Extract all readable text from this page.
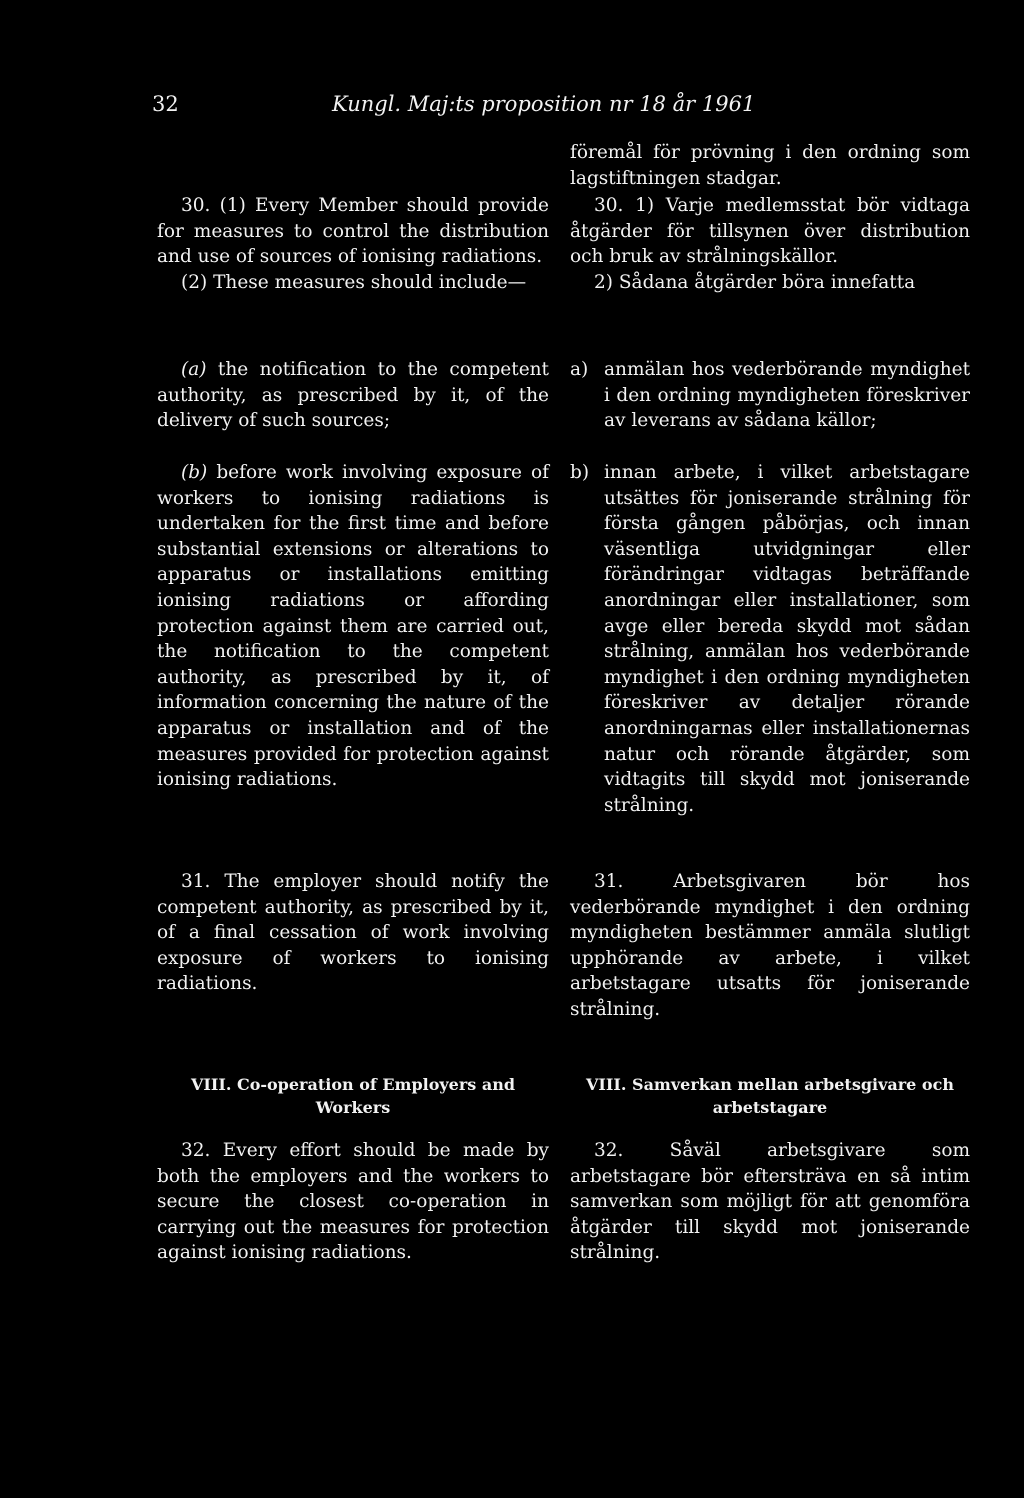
32	Kungl. Maj:ts proposition nr 18 år 1961

30. (1) Every Member should provide for measures to control the distribution and use of sources of ionising radiations.

(2) These measures should include—

(a) the notification to the competent authority, as prescribed by it, of the delivery of such sources;

(b) before work involving exposure of workers to ionising radiations is undertaken for the first time and before substantial extensions or alterations to apparatus or installations emitting ionising radiations or affording protection against them are carried out, the notification to the competent authority, as prescribed by it, of information concerning the nature of the apparatus or installation and of the measures provided for protection against ionising radiations.

31. The employer should notify the competent authority, as prescribed by it, of a final cessation of work involving exposure of workers to ionising radiations.

VIII. Co-operation of Employers and Workers

32. Every effort should be made by both the employers and the workers to secure the closest co-operation in carrying out the measures for protection against ionising radiations.

föremål för prövning i den ordning som lagstiftningen stadgar.

30. 1) Varje medlemsstat bör vidtaga åtgärder för tillsynen över distribution och bruk av strålningskällor.

2) Sådana åtgärder böra innefatta

a) anmälan hos vederbörande myndighet i den ordning myndigheten föreskriver av leverans av sådana källor;
b) innan arbete, i vilket arbetstagare utsättes för joniserande strålning för första gången påbörjas, och innan väsentliga utvidgningar eller förändringar vidtagas beträffande anordningar eller installationer, som avge eller bereda skydd mot sådan strålning, anmälan hos vederbörande myndighet i den ordning myndigheten föreskriver av detaljer rörande anordningarnas eller installationernas natur och rörande åtgärder, som vidtagits till skydd mot joniserande strålning.

31. Arbetsgivaren bör hos vederbörande myndighet i den ordning myndigheten bestämmer anmäla slutligt upphörande av arbete, i vilket arbetstagare utsatts för joniserande strålning.

VIII. Samverkan mellan arbetsgivare och arbetstagare

32. Såväl arbetsgivare som arbetstagare bör eftersträva en så intim samverkan som möjligt för att genomföra åtgärder till skydd mot joniserande strålning.
